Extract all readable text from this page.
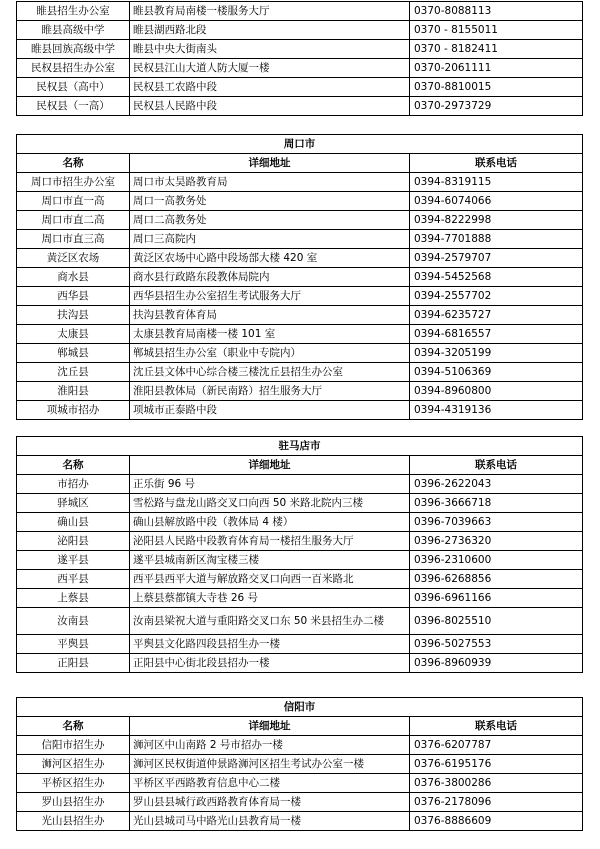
睢县招生办公室	睢县教育局南楼一楼服务大厅	0370-8088113
睢县高级中学	睢县湖西路北段	0370 - 8155011
睢县回族高级中学	睢县中央大街南头	0370 - 8182411
民权县招生办公室	民权县江山大道人防大厦一楼	0370-2061111
民权县（高中）	民权县工农路中段	0370-8810015
民权县（一高）	民权县人民路中段	0370-2973729
周口市		
名称	详细地址	联系电话
周口市招生办公室	周口市太昊路教育局	0394-8319115
周口市直一高	周口一高教务处	0394-6074066
周口市直二高	周口二高教务处	0394-8222998
周口市直三高	周口三高院内	0394-7701888
黄泛区农场	黄泛区农场中心路中段场部大楼 420 室	0394-2579707
商水县	商水县行政路东段教体局院内	0394-5452568
西华县	西华县招生办公室招生考试服务大厅	0394-2557702
扶沟县	扶沟县教育体育局	0394-6235727
太康县	太康县教育局南楼一楼 101 室	0394-6816557
郸城县	郸城县招生办公室（职业中专院内）	0394-3205199
沈丘县	沈丘县文体中心综合楼三楼沈丘县招生办公室	0394-5106369
淮阳县	淮阳县教体局（新民南路）招生服务大厅	0394-8960800
项城市招办	项城市正泰路中段	0394-4319136
驻马店市		
名称	详细地址	联系电话
市招办	正乐街 96 号	0396-2622043
驿城区	雪松路与盘龙山路交叉口向西 50 米路北院内三楼	0396-3666718
确山县	确山县解放路中段（教体局 4 楼）	0396-7039663
泌阳县	泌阳县人民路中段教育体育局一楼招生服务大厅	0396-2736320
遂平县	遂平县城南新区淘宝楼三楼	0396-2310600
西平县	西平县西平大道与解放路交叉口向西一百米路北	0396-6268856
上蔡县	上蔡县蔡都镇大寺巷 26 号	0396-6961166
汝南县	汝南县梁祝大道与重阳路交叉口东 50 米县招生办二楼	0396-8025510
平舆县	平舆县文化路四段县招生办一楼	0396-5027553
正阳县	正阳县中心街北段县招办一楼	0396-8960939
信阳市		
名称	详细地址	联系电话
信阳市招生办	浉河区中山南路 2 号市招办一楼	0376-6207787
浉河区招生办	浉河区民权街道仲景路浉河区招生考试办公室一楼	0376-6195176
平桥区招生办	平桥区平西路教育信息中心二楼	0376-3800286
罗山县招生办	罗山县县城行政西路教育体育局一楼	0376-2178096
光山县招生办	光山县城司马中路光山县教育局一楼	0376-8886609
